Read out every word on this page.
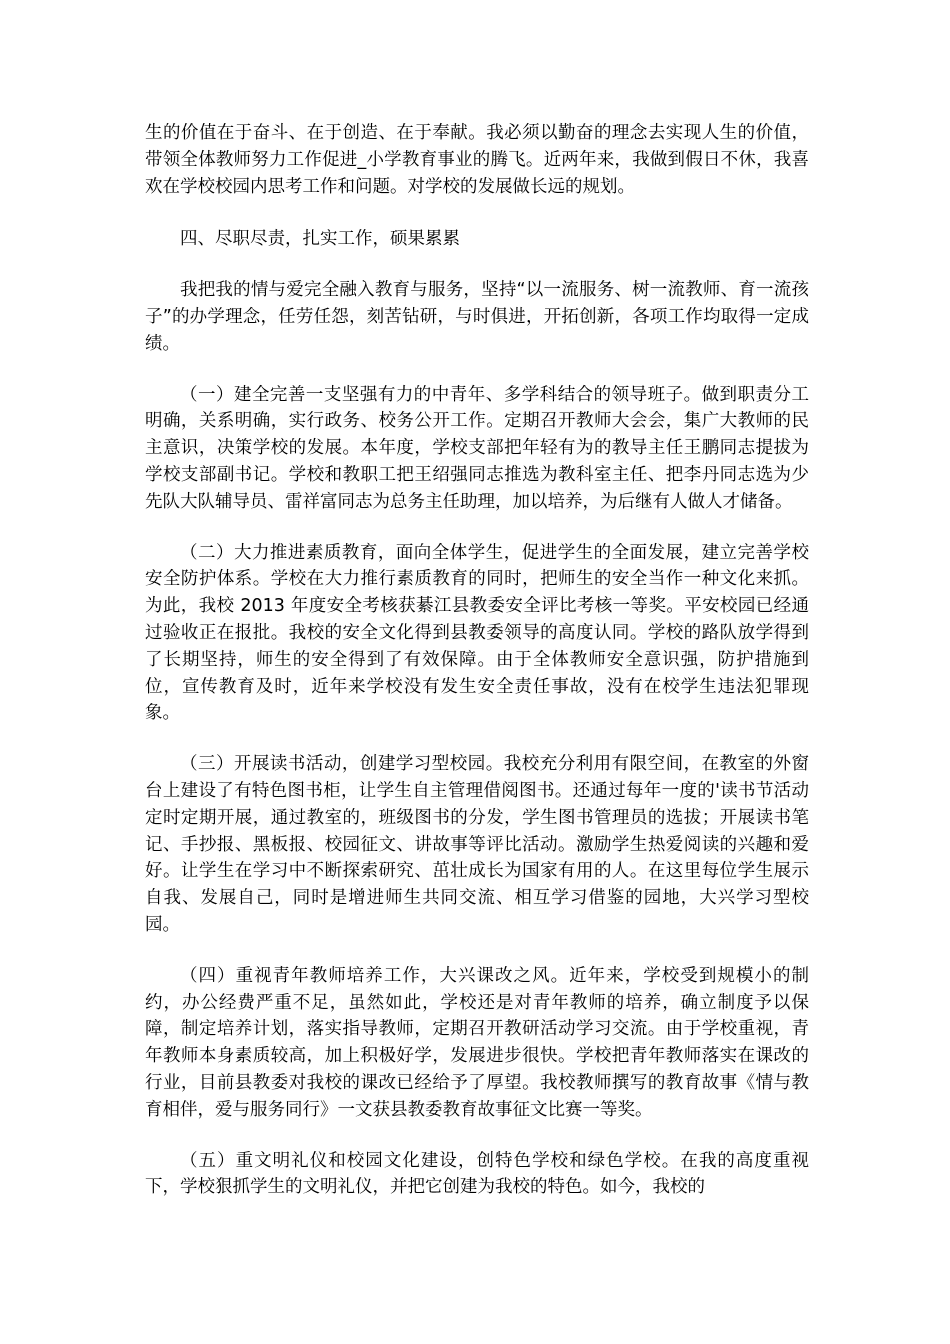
生的价值在于奋斗、在于创造、在于奉献。我必须以勤奋的理念去实现人生的价值，带领全体教师努力工作促进_小学教育事业的腾飞。近两年来，我做到假日不休，我喜欢在学校校园内思考工作和问题。对学校的发展做长远的规划。

四、尽职尽责，扎实工作，硕果累累

我把我的情与爱完全融入教育与服务，坚持“以一流服务、树一流教师、育一流孩子”的办学理念，任劳任怨，刻苦钻研，与时俱进，开拓创新，各项工作均取得一定成绩。

（一）建全完善一支坚强有力的中青年、多学科结合的领导班子。做到职责分工明确，关系明确，实行政务、校务公开工作。定期召开教师大会会，集广大教师的民主意识，决策学校的发展。本年度，学校支部把年轻有为的教导主任王鹏同志提拔为学校支部副书记。学校和教职工把王绍强同志推选为教科室主任、把李丹同志选为少先队大队辅导员、雷祥富同志为总务主任助理，加以培养，为后继有人做人才储备。

（二）大力推进素质教育，面向全体学生，促进学生的全面发展，建立完善学校安全防护体系。学校在大力推行素质教育的同时，把师生的安全当作一种文化来抓。为此，我校 2013 年度安全考核获綦江县教委安全评比考核一等奖。平安校园已经通过验收正在报批。我校的安全文化得到县教委领导的高度认同。学校的路队放学得到了长期坚持，师生的安全得到了有效保障。由于全体教师安全意识强，防护措施到位，宣传教育及时，近年来学校没有发生安全责任事故，没有在校学生违法犯罪现象。

（三）开展读书活动，创建学习型校园。我校充分利用有限空间，在教室的外窗台上建设了有特色图书柜，让学生自主管理借阅图书。还通过每年一度的'读书节活动定时定期开展，通过教室的，班级图书的分发，学生图书管理员的选拔；开展读书笔记、手抄报、黑板报、校园征文、讲故事等评比活动。激励学生热爱阅读的兴趣和爱好。让学生在学习中不断探索研究、茁壮成长为国家有用的人。在这里每位学生展示自我、发展自己，同时是增进师生共同交流、相互学习借鉴的园地，大兴学习型校园。

（四）重视青年教师培养工作，大兴课改之风。近年来，学校受到规模小的制约，办公经费严重不足，虽然如此，学校还是对青年教师的培养，确立制度予以保障，制定培养计划，落实指导教师，定期召开教研活动学习交流。由于学校重视，青年教师本身素质较高，加上积极好学，发展进步很快。学校把青年教师落实在课改的行业，目前县教委对我校的课改已经给予了厚望。我校教师撰写的教育故事《情与教育相伴，爱与服务同行》一文获县教委教育故事征文比赛一等奖。

（五）重文明礼仪和校园文化建设，创特色学校和绿色学校。在我的高度重视下，学校狠抓学生的文明礼仪，并把它创建为我校的特色。如今，我校的
